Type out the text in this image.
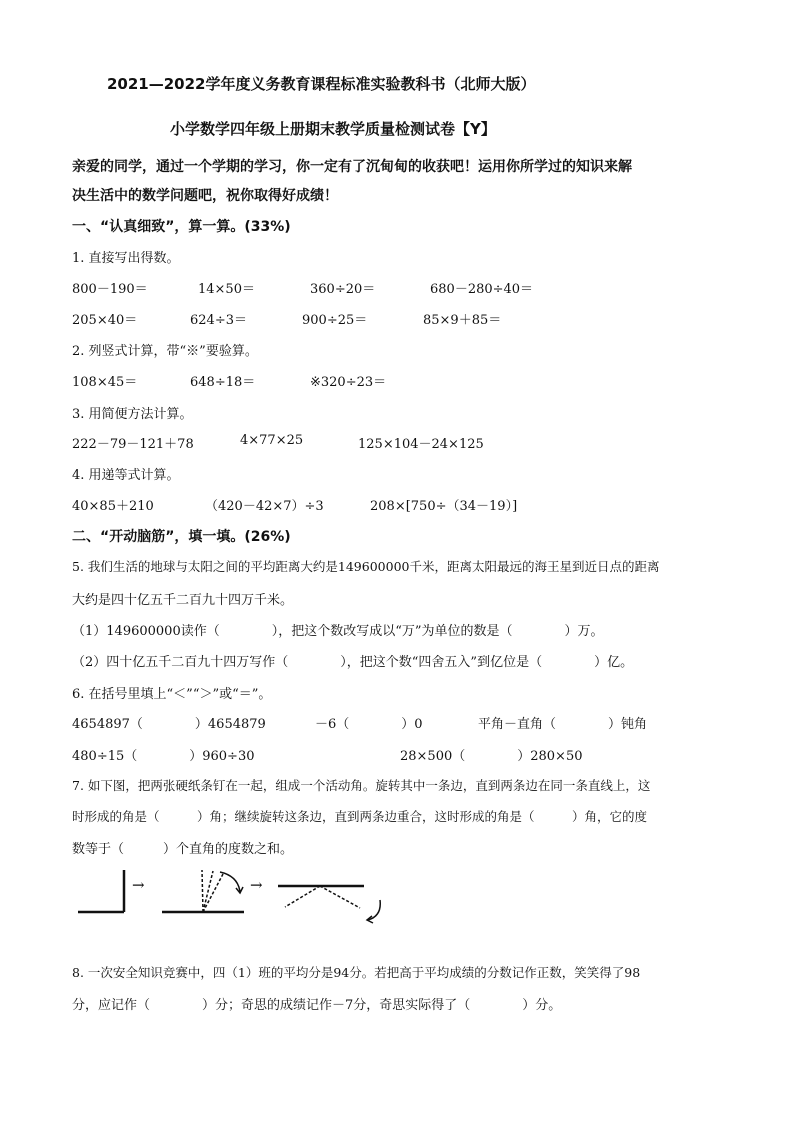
2021—2022学年度义务教育课程标准实验教科书（北师大版）
小学数学四年级上册期末教学质量检测试卷【Y】
亲爱的同学，通过一个学期的学习，你一定有了沉甸甸的收获吧！运用你所学过的知识来解
决生活中的数学问题吧，祝你取得好成绩！
一、“认真细致”，算一算。(33%)
1. 直接写出得数。
800－190＝	14×50＝	360÷20＝	680－280÷40＝
205×40＝	624÷3＝	900÷25＝	85×9＋85＝
2. 列竖式计算，带“※”要验算。
108×45＝	648÷18＝	※320÷23＝
3. 用简便方法计算。
222－79－121＋78	4×77×25	125×104－24×125
4. 用递等式计算。
40×85＋210	（420－42×7）÷3	208×[750÷（34－19）]
二、“开动脑筋”，填一填。(26%)
5. 我们生活的地球与太阳之间的平均距离大约是149600000千米，距离太阳最远的海王星到近日点的距离
大约是四十亿五千二百九十四万千米。
（1）149600000读作（　　　　），把这个数改写成以“万”为单位的数是（　　　　）万。
（2）四十亿五千二百九十四万写作（　　　　），把这个数“四舍五入”到亿位是（　　　　）亿。
6. 在括号里填上“＜”“＞”或“＝”。
4654897（　　　　）4654879	－6（　　　　）0	平角－直角（　　　　）钝角
480÷15（　　　　）960÷30	28×500（　　　　）280×50
7. 如下图，把两张硬纸条钉在一起，组成一个活动角。旋转其中一条边，直到两条边在同一条直线上，这
时形成的角是（　　　）角；继续旋转这条边，直到两条边重合，这时形成的角是（　　　）角，它的度
数等于（　　　）个直角的度数之和。
→	→
8. 一次安全知识竞赛中，四（1）班的平均分是94分。若把高于平均成绩的分数记作正数，笑笑得了98
分，应记作（　　　　）分；奇思的成绩记作－7分，奇思实际得了（　　　　）分。
